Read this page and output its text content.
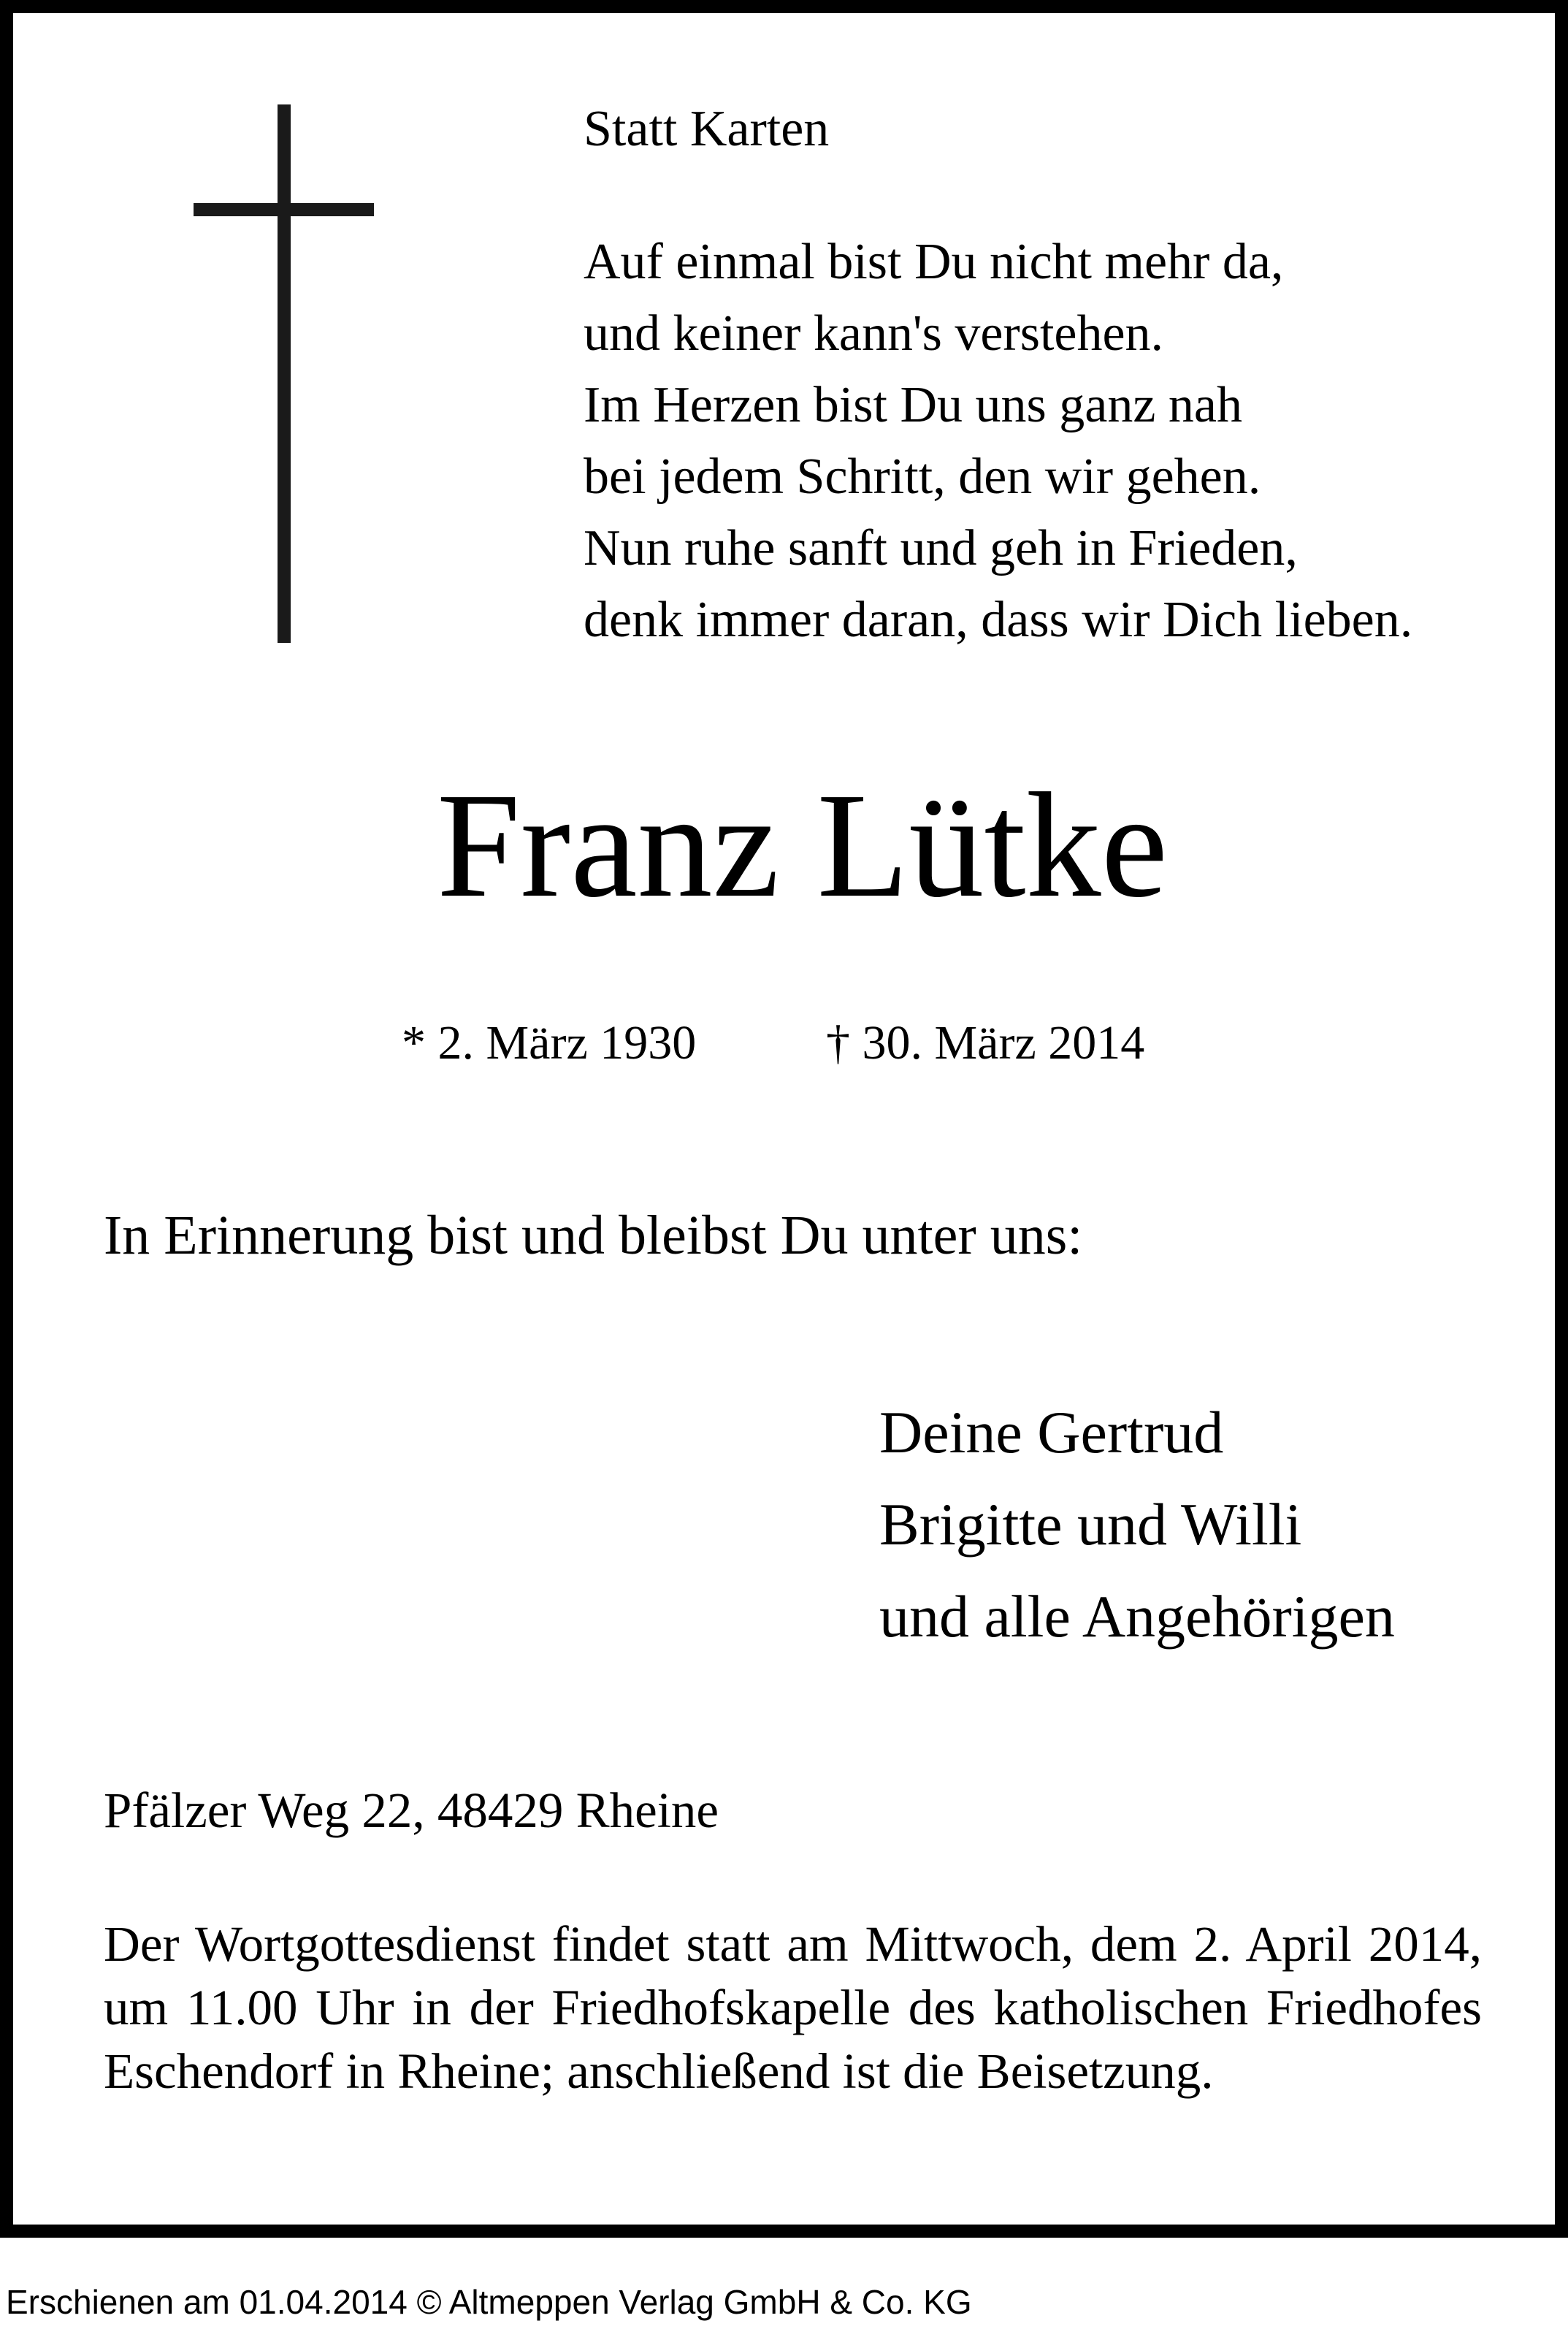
Statt Karten
Auf einmal bist Du nicht mehr da,
und keiner kann's verstehen.
Im Herzen bist Du uns ganz nah
bei jedem Schritt, den wir gehen.
Nun ruhe sanft und geh in Frieden,
denk immer daran, dass wir Dich lieben.
Franz Lütke
* 2. März 1930	† 30. März 2014
In Erinnerung bist und bleibst Du unter uns:
Deine Gertrud
Brigitte und Willi
und alle Angehörigen
Pfälzer Weg 22, 48429 Rheine
Der Wortgottesdienst findet statt am Mittwoch, dem 2. April 2014, um 11.00 Uhr in der Friedhofskapelle des katholischen Friedhofes Eschendorf in Rheine; anschließend ist die Beisetzung.
Erschienen am 01.04.2014 © Altmeppen Verlag GmbH & Co. KG
